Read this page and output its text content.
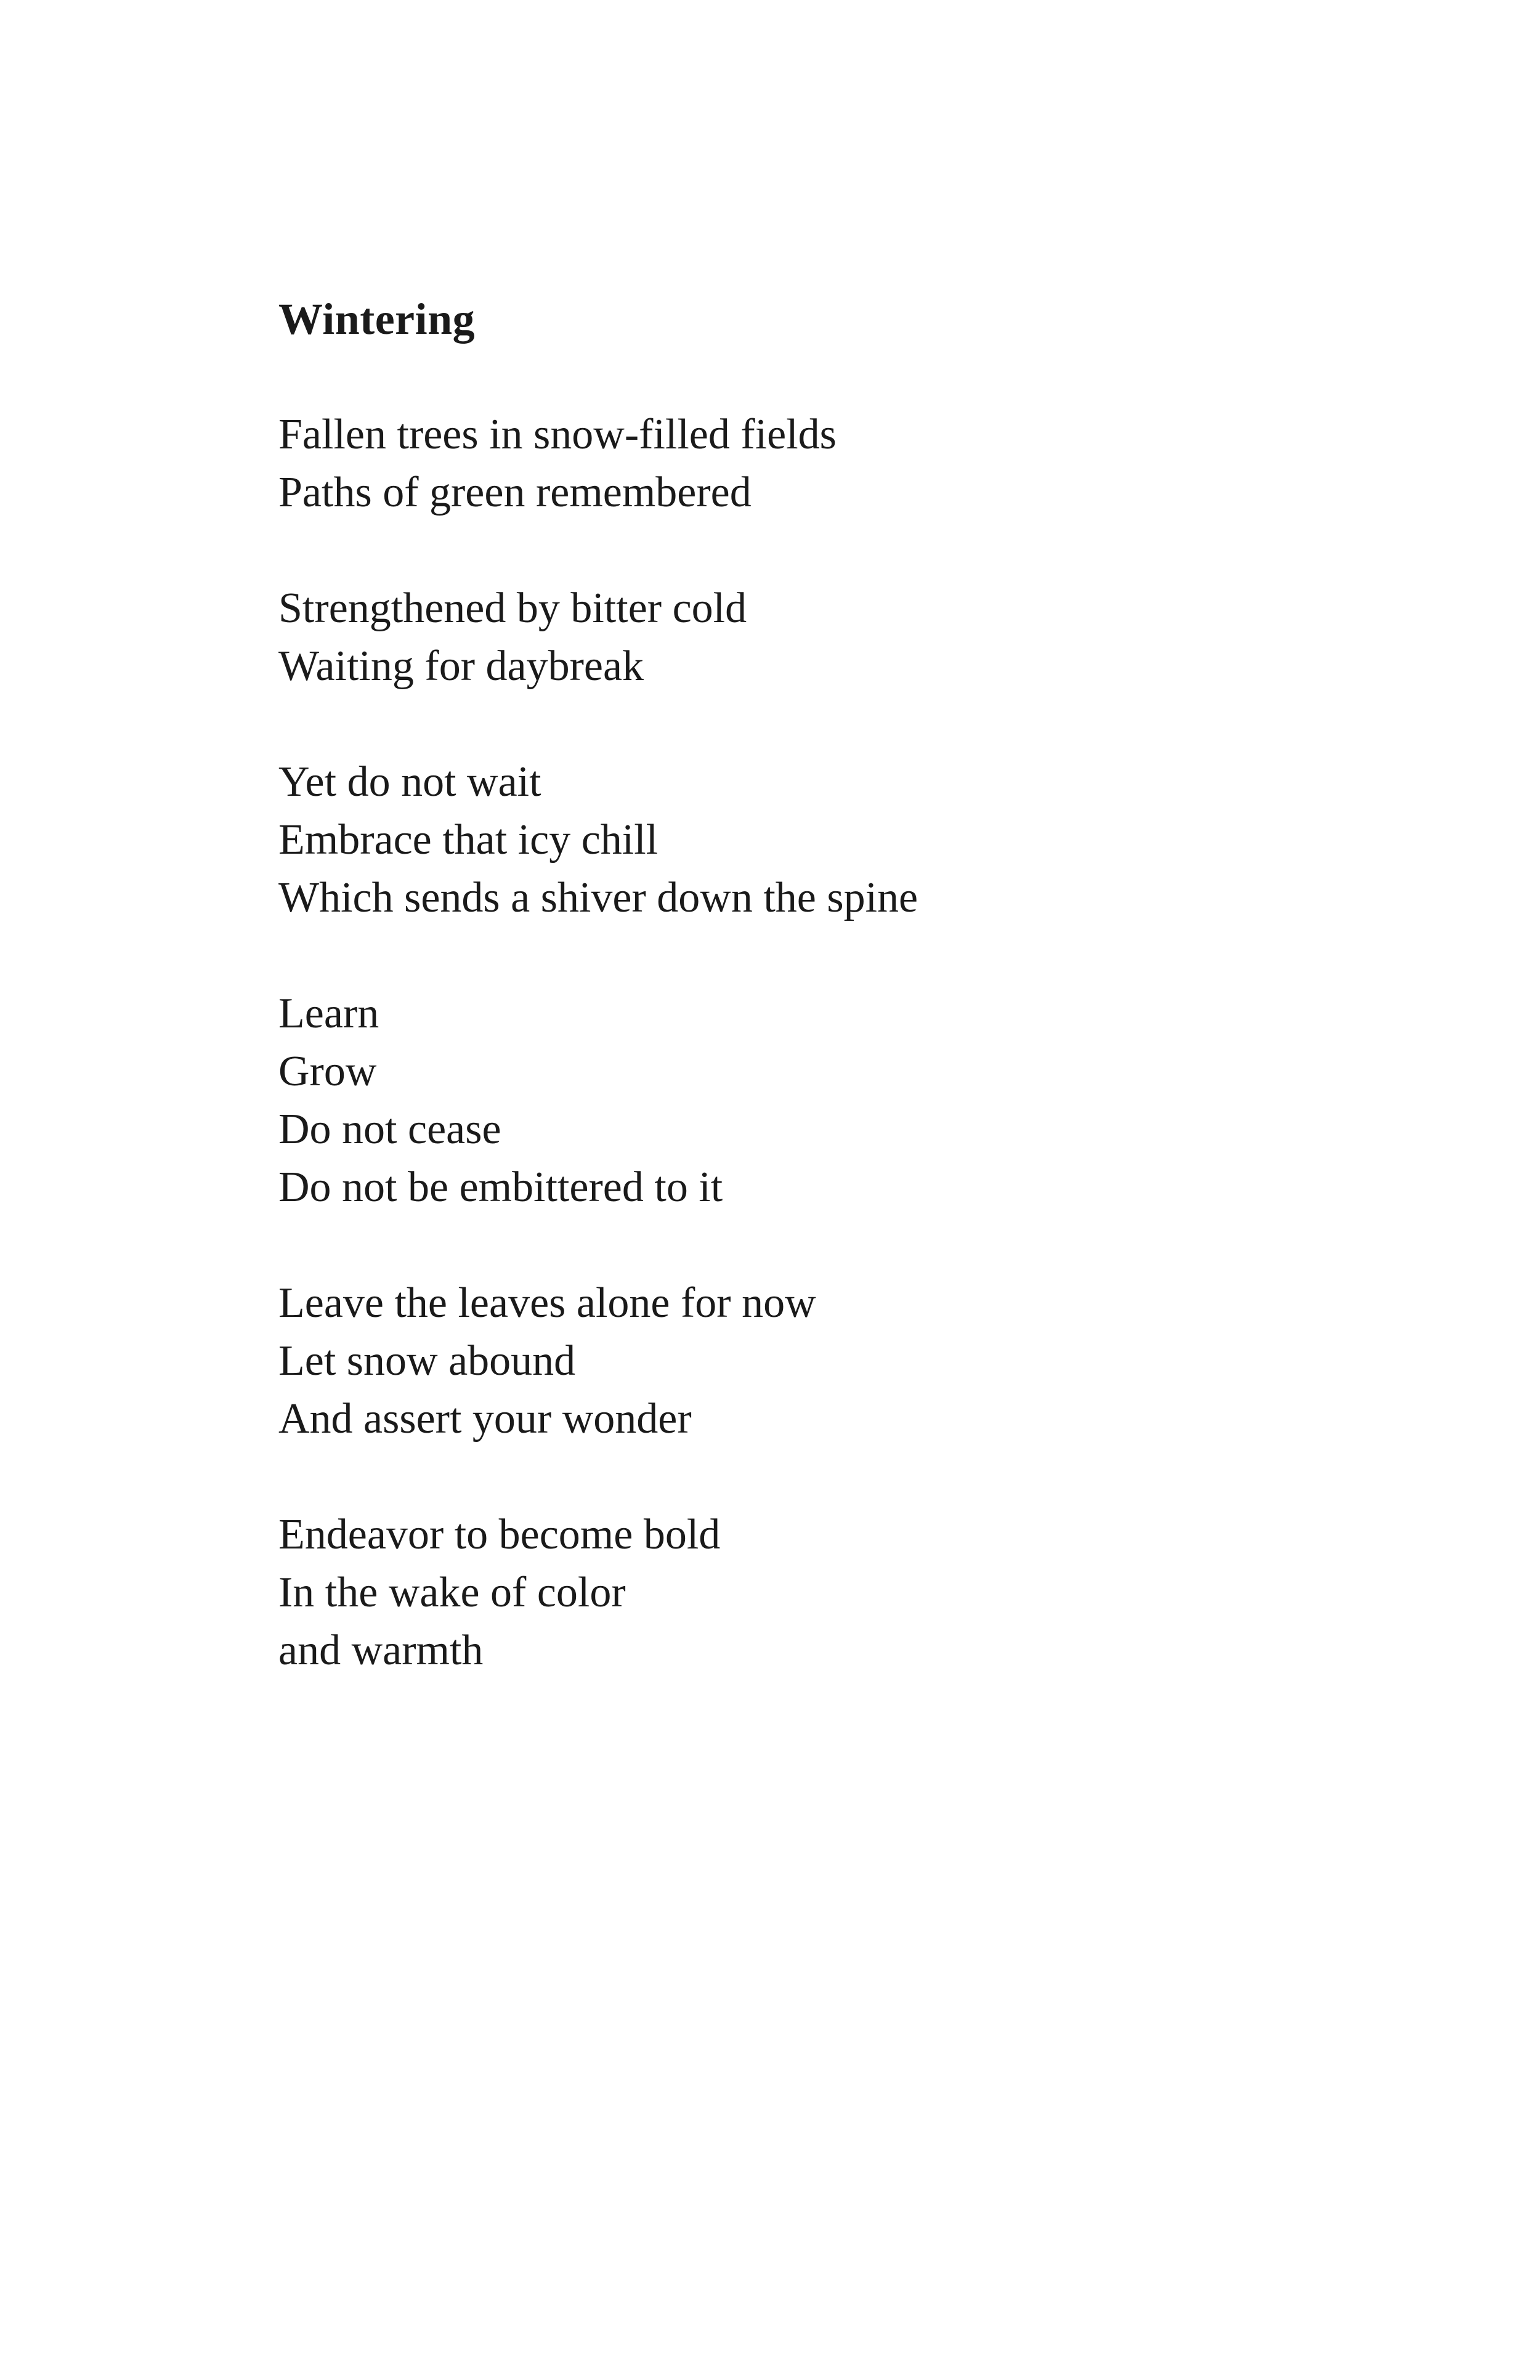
Wintering
Fallen trees in snow-filled fields
Paths of green remembered
Strengthened by bitter cold
Waiting for daybreak
Yet do not wait
Embrace that icy chill
Which sends a shiver down the spine
Learn
Grow
Do not cease
Do not be embittered to it
Leave the leaves alone for now
Let snow abound
And assert your wonder
Endeavor to become bold
In the wake of color
and warmth
